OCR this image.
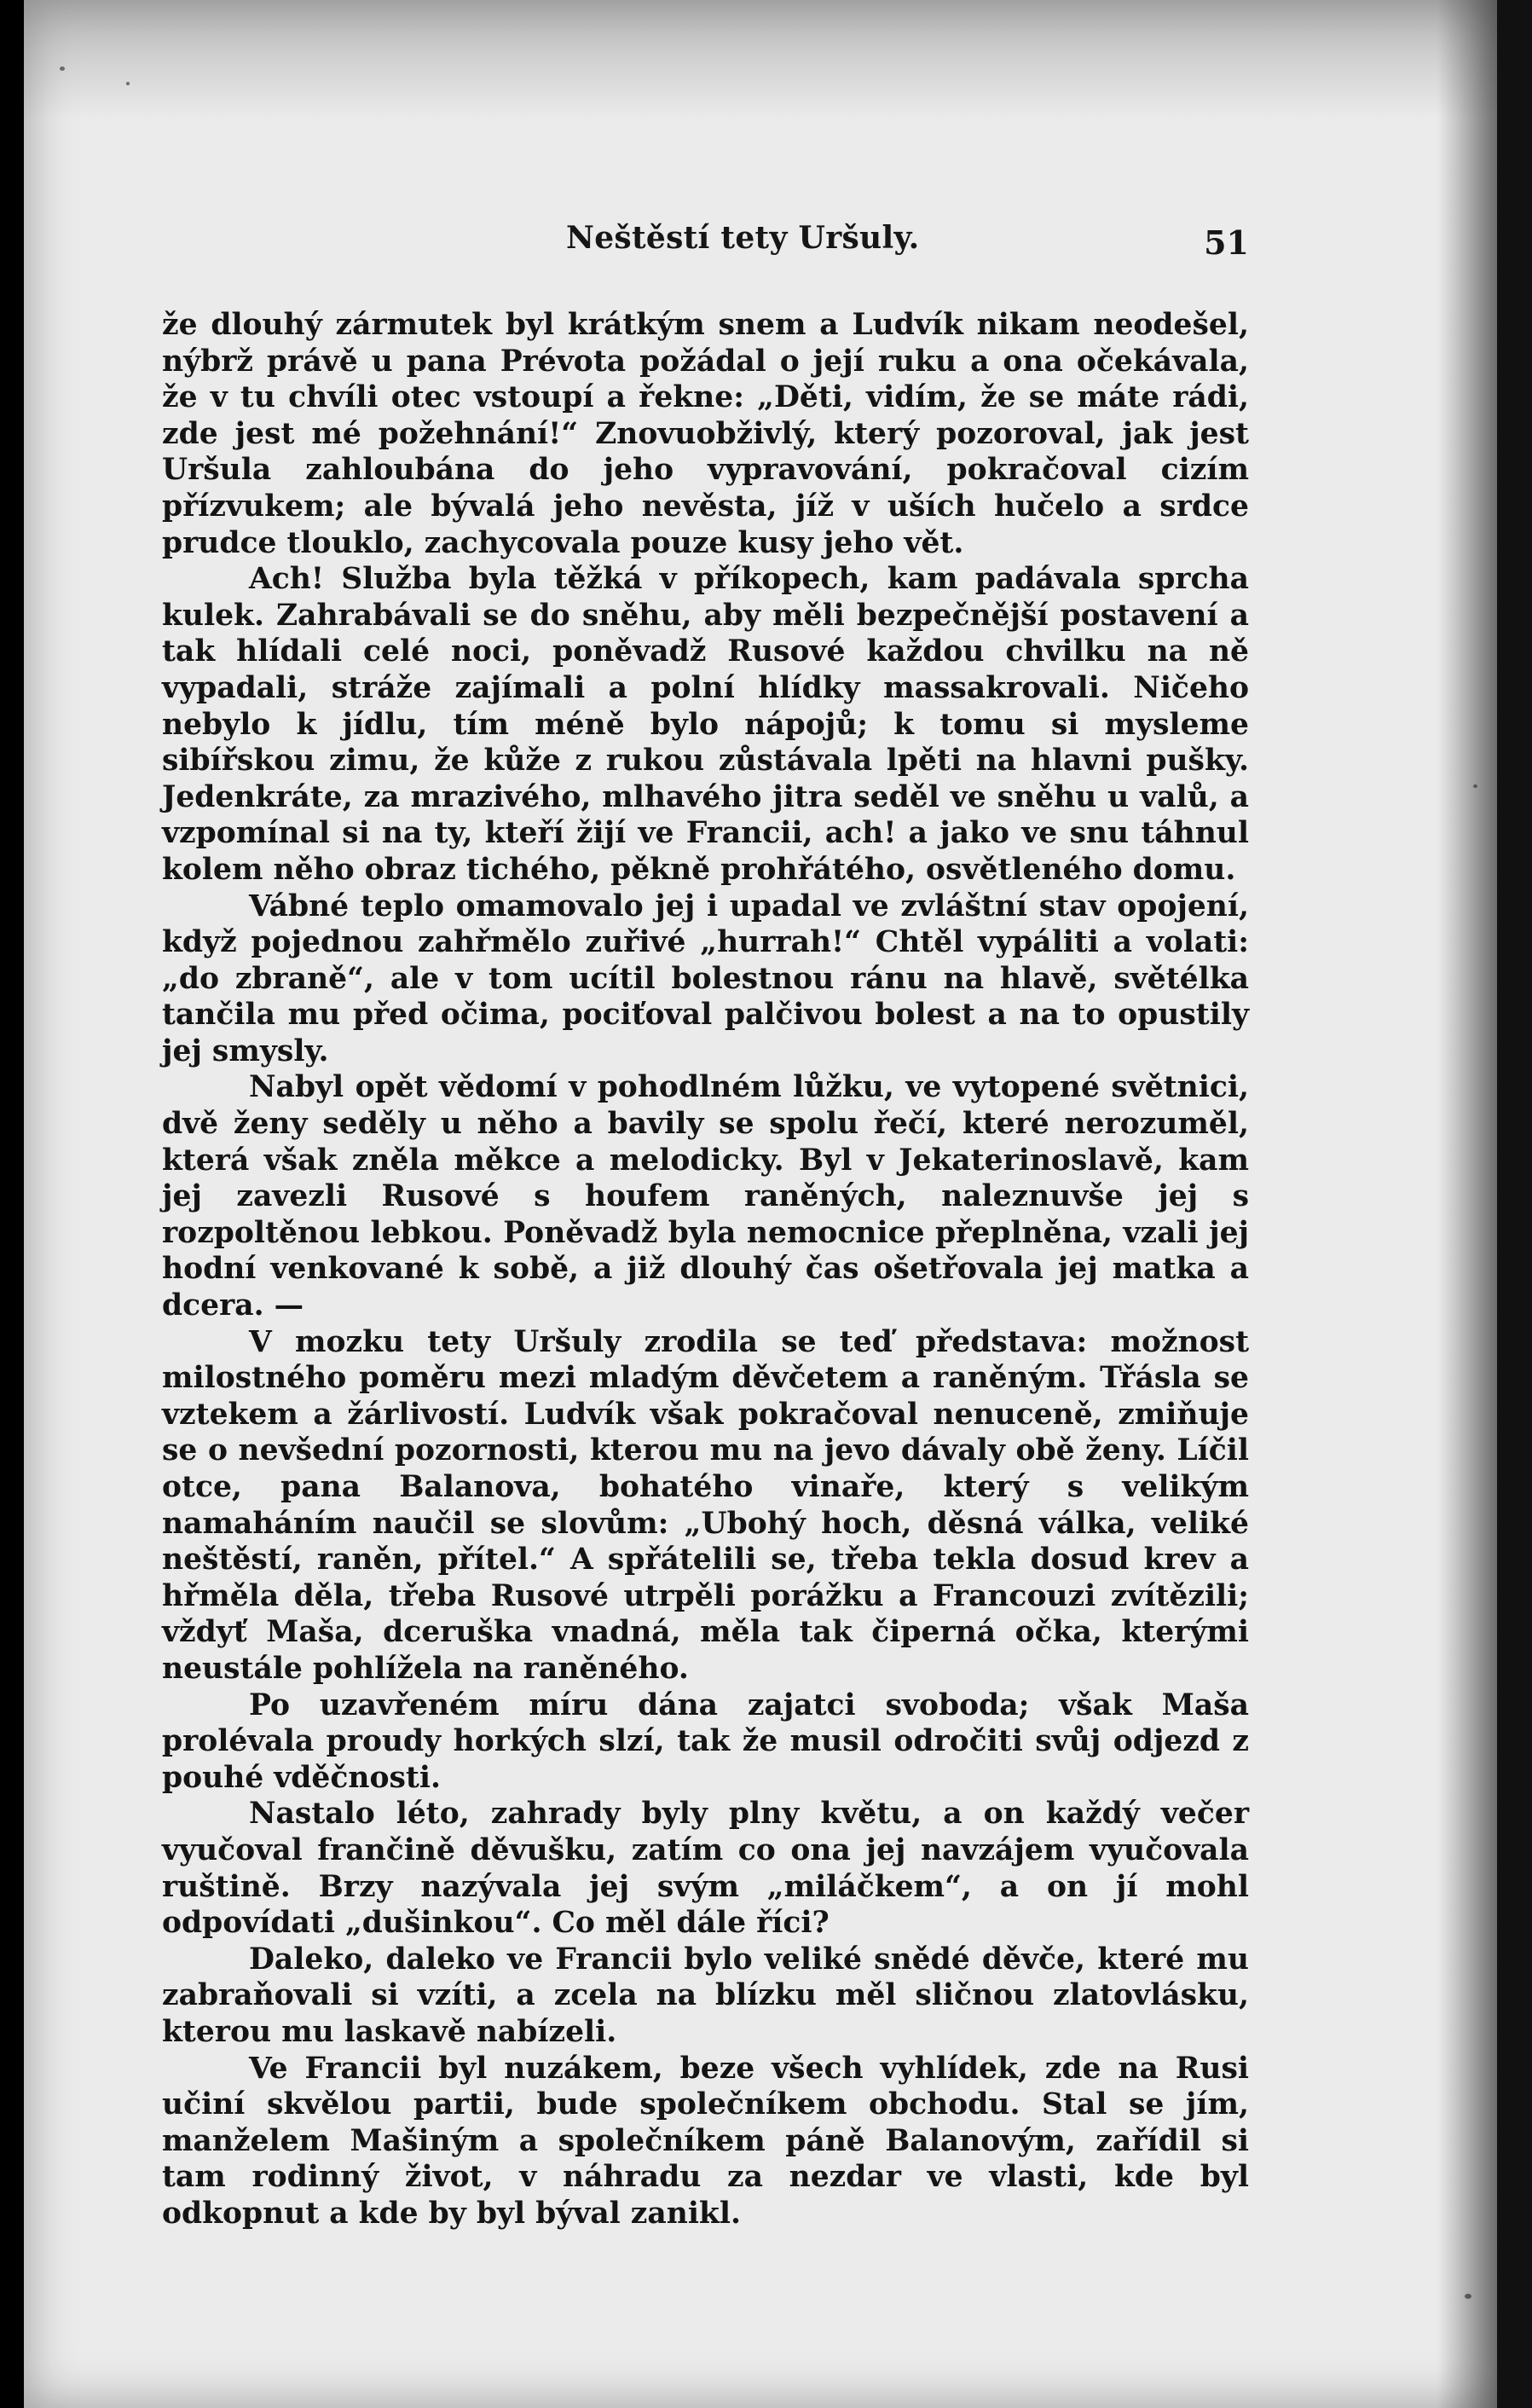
Neštěstí tety Uršuly.	51

že dlouhý zármutek byl krátkým snem a Ludvík nikam neodešel, nýbrž právě u pana Prévota požádal o její ruku a ona očekávala, že v tu chvíli otec vstoupí a řekne: „Děti, vidím, že se máte rádi, zde jest mé požehnání!“ Znovuobživlý, který pozoroval, jak jest Uršula zahloubána do jeho vypravování, pokračoval cizím přízvukem; ale bývalá jeho nevěsta, jíž v uších hučelo a srdce prudce tlouklo, zachycovala pouze kusy jeho vět.

Ach! Služba byla těžká v příkopech, kam padávala sprcha kulek. Zahrabávali se do sněhu, aby měli bezpečnější postavení a tak hlídali celé noci, poněvadž Rusové každou chvilku na ně vypadali, stráže zajímali a polní hlídky massakrovali. Ničeho nebylo k jídlu, tím méně bylo nápojů; k tomu si mysleme sibířskou zimu, že kůže z rukou zůstávala lpěti na hlavni pušky. Jedenkráte, za mrazivého, mlhavého jitra seděl ve sněhu u valů, a vzpomínal si na ty, kteří žijí ve Francii, ach! a jako ve snu táhnul kolem něho obraz tichého, pěkně prohřátého, osvětleného domu.

Vábné teplo omamovalo jej i upadal ve zvláštní stav opojení, když pojednou zahřmělo zuřivé „hurrah!“ Chtěl vypáliti a volati: „do zbraně“, ale v tom ucítil bolestnou ránu na hlavě, světélka tančila mu před očima, pociťoval palčivou bolest a na to opustily jej smysly.

Nabyl opět vědomí v pohodlném lůžku, ve vytopené světnici, dvě ženy seděly u něho a bavily se spolu řečí, které nerozuměl, která však zněla měkce a melodicky. Byl v Jekaterinoslavě, kam jej zavezli Rusové s houfem raněných, naleznuvše jej s rozpoltěnou lebkou. Poněvadž byla nemocnice přeplněna, vzali jej hodní venkované k sobě, a již dlouhý čas ošetřovala jej matka a dcera. —

V mozku tety Uršuly zrodila se teď představa: možnost milostného poměru mezi mladým děvčetem a raněným. Třásla se vztekem a žárlivostí. Ludvík však pokračoval nenuceně, zmiňuje se o nevšední pozornosti, kterou mu na jevo dávaly obě ženy. Líčil otce, pana Balanova, bohatého vinaře, který s velikým namaháním naučil se slovům: „Ubohý hoch, děsná válka, veliké neštěstí, raněn, přítel.“ A spřátelili se, třeba tekla dosud krev a hřměla děla, třeba Rusové utrpěli porážku a Francouzi zvítězili; vždyť Maša, dceruška vnadná, měla tak čiperná očka, kterými neustále pohlížela na raněného.

Po uzavřeném míru dána zajatci svoboda; však Maša prolévala proudy horkých slzí, tak že musil odročiti svůj odjezd z pouhé vděčnosti.

Nastalo léto, zahrady byly plny květu, a on každý večer vyučoval frančině děvušku, zatím co ona jej navzájem vyučovala ruštině. Brzy nazývala jej svým „miláčkem“, a on jí mohl odpovídati „dušinkou“. Co měl dále říci?

Daleko, daleko ve Francii bylo veliké snědé děvče, které mu zabraňovali si vzíti, a zcela na blízku měl sličnou zlatovlásku, kterou mu laskavě nabízeli.

Ve Francii byl nuzákem, beze všech vyhlídek, zde na Rusi učiní skvělou partii, bude společníkem obchodu. Stal se jím, manželem Mašiným a společníkem páně Balanovým, zařídil si tam rodinný život, v náhradu za nezdar ve vlasti, kde byl odkopnut a kde by byl býval zanikl.
